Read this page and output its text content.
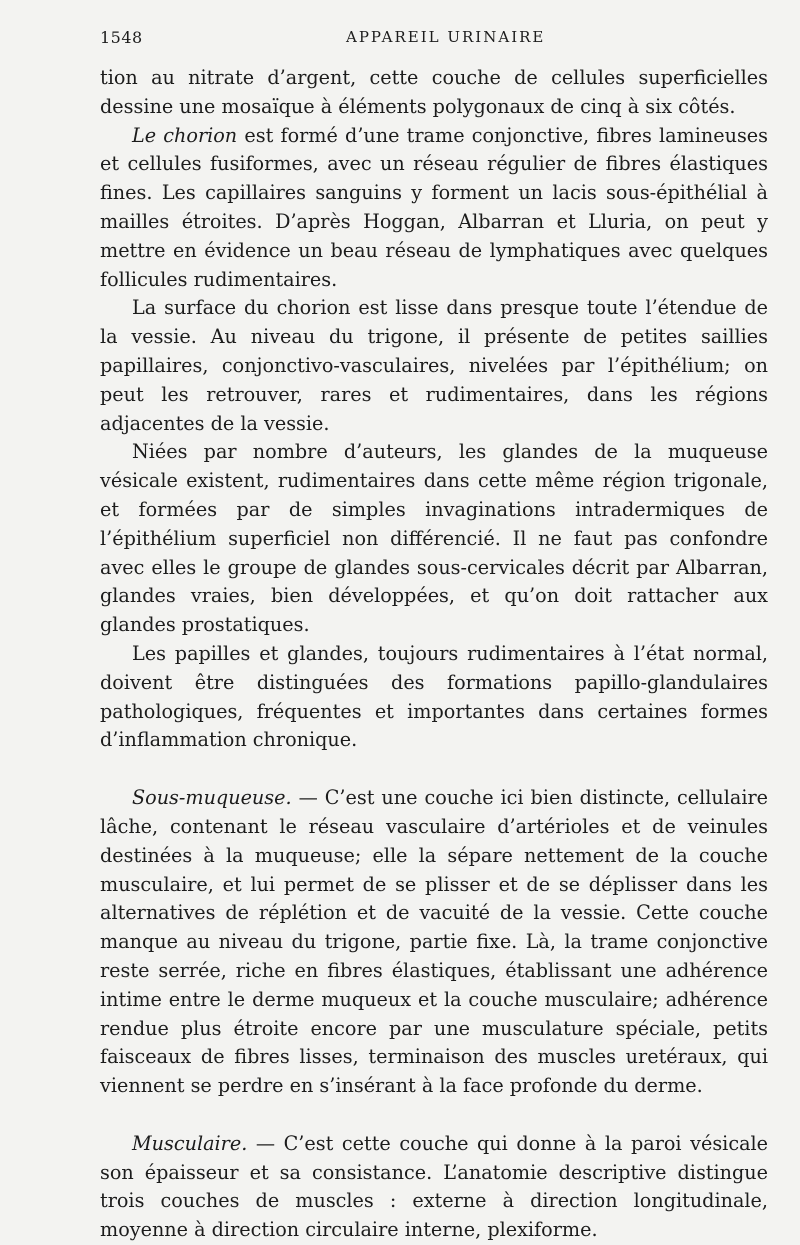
1548	APPAREIL URINAIRE

tion au nitrate d’argent, cette couche de cellules superficielles dessine une mosaïque à éléments polygonaux de cinq à six côtés.

Le chorion est formé d’une trame conjonctive, fibres lamineuses et cellules fusiformes, avec un réseau régulier de fibres élastiques fines. Les capillaires sanguins y forment un lacis sous-épithélial à mailles étroites. D’après Hoggan, Albarran et Lluria, on peut y mettre en évidence un beau réseau de lymphatiques avec quelques follicules rudimentaires.

La surface du chorion est lisse dans presque toute l’étendue de la vessie. Au niveau du trigone, il présente de petites saillies papillaires, conjonctivo-vasculaires, nivelées par l’épithélium; on peut les retrouver, rares et rudimentaires, dans les régions adjacentes de la vessie.

Niées par nombre d’auteurs, les glandes de la muqueuse vésicale existent, rudimentaires dans cette même région trigonale, et formées par de simples invaginations intradermiques de l’épithélium superficiel non différencié. Il ne faut pas confondre avec elles le groupe de glandes sous-cervicales décrit par Albarran, glandes vraies, bien développées, et qu’on doit rattacher aux glandes prostatiques.

Les papilles et glandes, toujours rudimentaires à l’état normal, doivent être distinguées des formations papillo-glandulaires pathologiques, fréquentes et importantes dans certaines formes d’inflammation chronique.

Sous-muqueuse. — C’est une couche ici bien distincte, cellulaire lâche, contenant le réseau vasculaire d’artérioles et de veinules destinées à la muqueuse; elle la sépare nettement de la couche musculaire, et lui permet de se plisser et de se déplisser dans les alternatives de réplétion et de vacuité de la vessie. Cette couche manque au niveau du trigone, partie fixe. Là, la trame conjonctive reste serrée, riche en fibres élastiques, établissant une adhérence intime entre le derme muqueux et la couche musculaire; adhérence rendue plus étroite encore par une musculature spéciale, petits faisceaux de fibres lisses, terminaison des muscles uretéraux, qui viennent se perdre en s’insérant à la face profonde du derme.

Musculaire. — C’est cette couche qui donne à la paroi vésicale son épaisseur et sa consistance. L’anatomie descriptive distingue trois couches de muscles : externe à direction longitudinale, moyenne à direction circulaire interne, plexiforme.
